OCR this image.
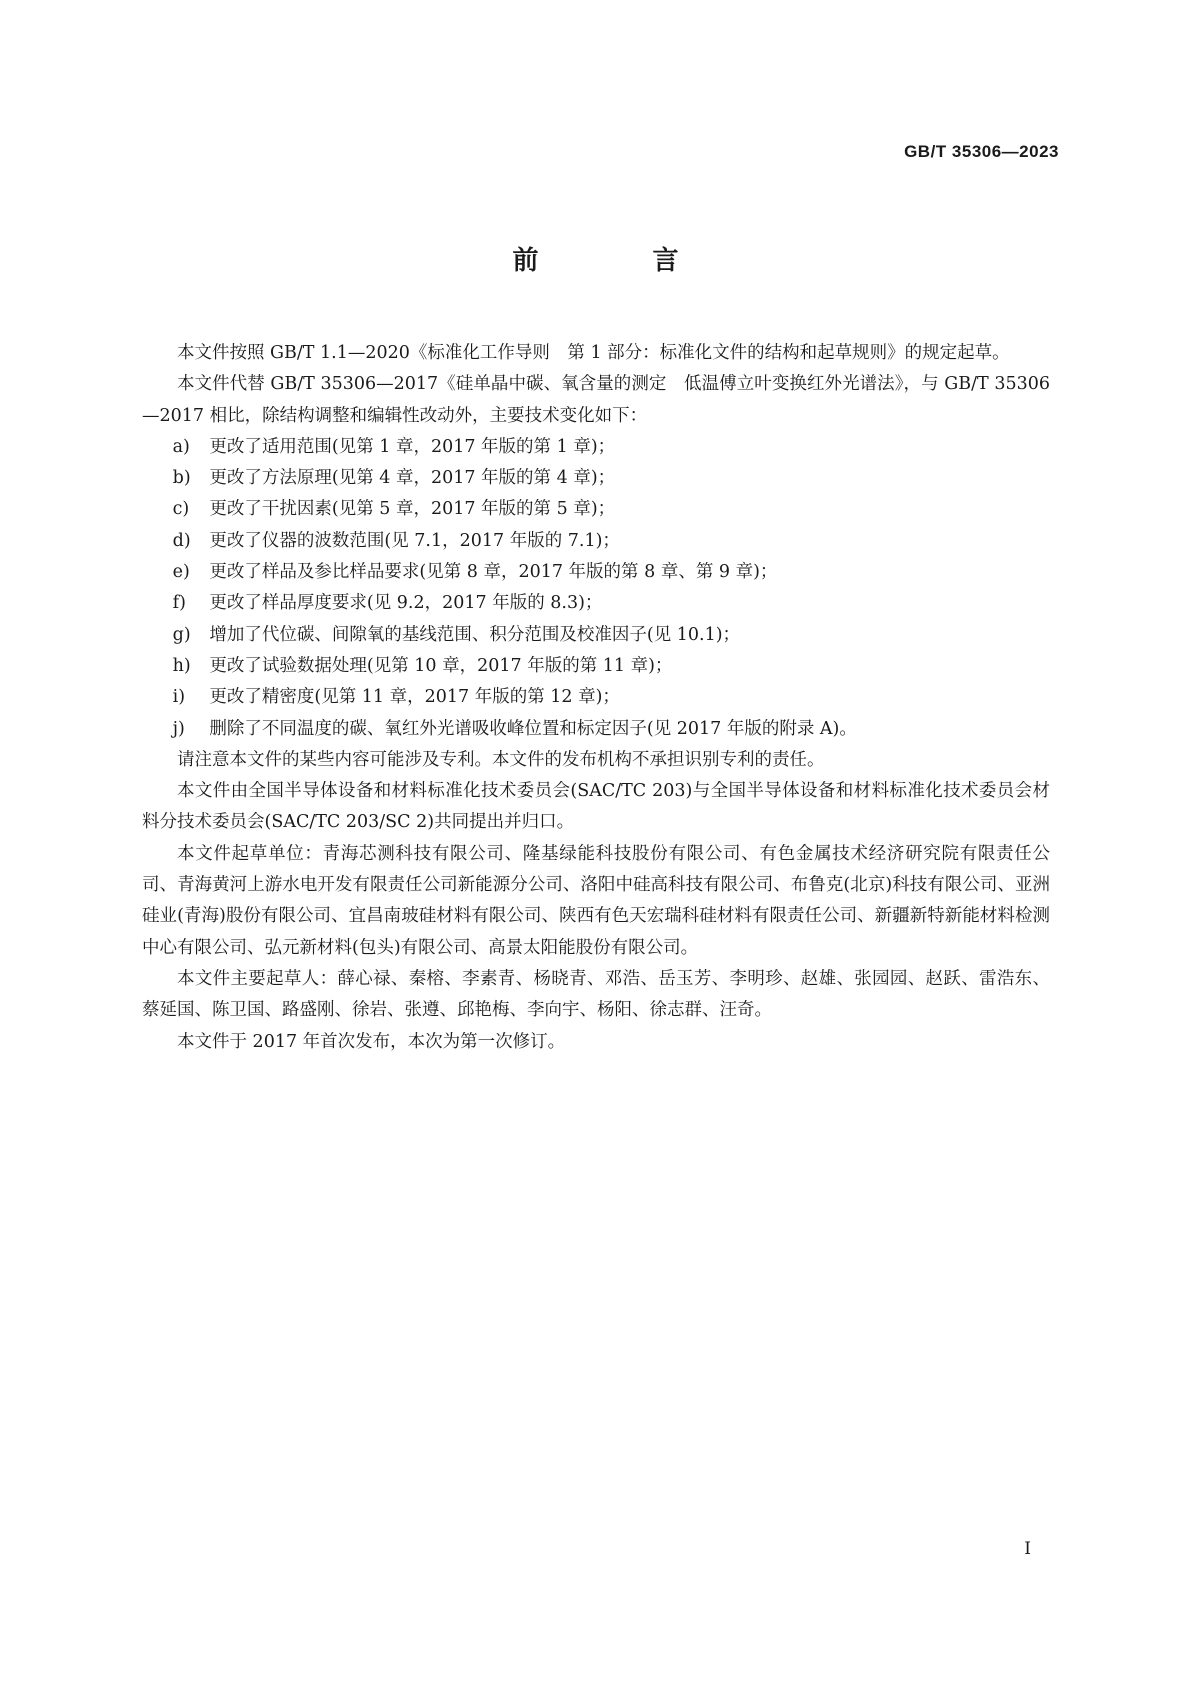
GB/T 35306—2023
前　言

本文件按照 GB/T 1.1—2020《标准化工作导则　第 1 部分：标准化文件的结构和起草规则》的规定起草。

本文件代替 GB/T 35306—2017《硅单晶中碳、氧含量的测定　低温傅立叶变换红外光谱法》，与 GB/T 35306—2017 相比，除结构调整和编辑性改动外，主要技术变化如下：

a)	更改了适用范围(见第 1 章，2017 年版的第 1 章)；
b)	更改了方法原理(见第 4 章，2017 年版的第 4 章)；
c)	更改了干扰因素(见第 5 章，2017 年版的第 5 章)；
d)	更改了仪器的波数范围(见 7.1，2017 年版的 7.1)；
e)	更改了样品及参比样品要求(见第 8 章，2017 年版的第 8 章、第 9 章)；
f)	更改了样品厚度要求(见 9.2，2017 年版的 8.3)；
g)	增加了代位碳、间隙氧的基线范围、积分范围及校准因子(见 10.1)；
h)	更改了试验数据处理(见第 10 章，2017 年版的第 11 章)；
i)	更改了精密度(见第 11 章，2017 年版的第 12 章)；
j)	删除了不同温度的碳、氧红外光谱吸收峰位置和标定因子(见 2017 年版的附录 A)。

请注意本文件的某些内容可能涉及专利。本文件的发布机构不承担识别专利的责任。

本文件由全国半导体设备和材料标准化技术委员会(SAC/TC 203)与全国半导体设备和材料标准化技术委员会材料分技术委员会(SAC/TC 203/SC 2)共同提出并归口。

本文件起草单位：青海芯测科技有限公司、隆基绿能科技股份有限公司、有色金属技术经济研究院有限责任公司、青海黄河上游水电开发有限责任公司新能源分公司、洛阳中硅高科技有限公司、布鲁克(北京)科技有限公司、亚洲硅业(青海)股份有限公司、宜昌南玻硅材料有限公司、陕西有色天宏瑞科硅材料有限责任公司、新疆新特新能材料检测中心有限公司、弘元新材料(包头)有限公司、高景太阳能股份有限公司。

本文件主要起草人：薛心禄、秦榕、李素青、杨晓青、邓浩、岳玉芳、李明珍、赵雄、张园园、赵跃、雷浩东、蔡延国、陈卫国、路盛刚、徐岩、张遵、邱艳梅、李向宇、杨阳、徐志群、汪奇。

本文件于 2017 年首次发布，本次为第一次修订。

I
